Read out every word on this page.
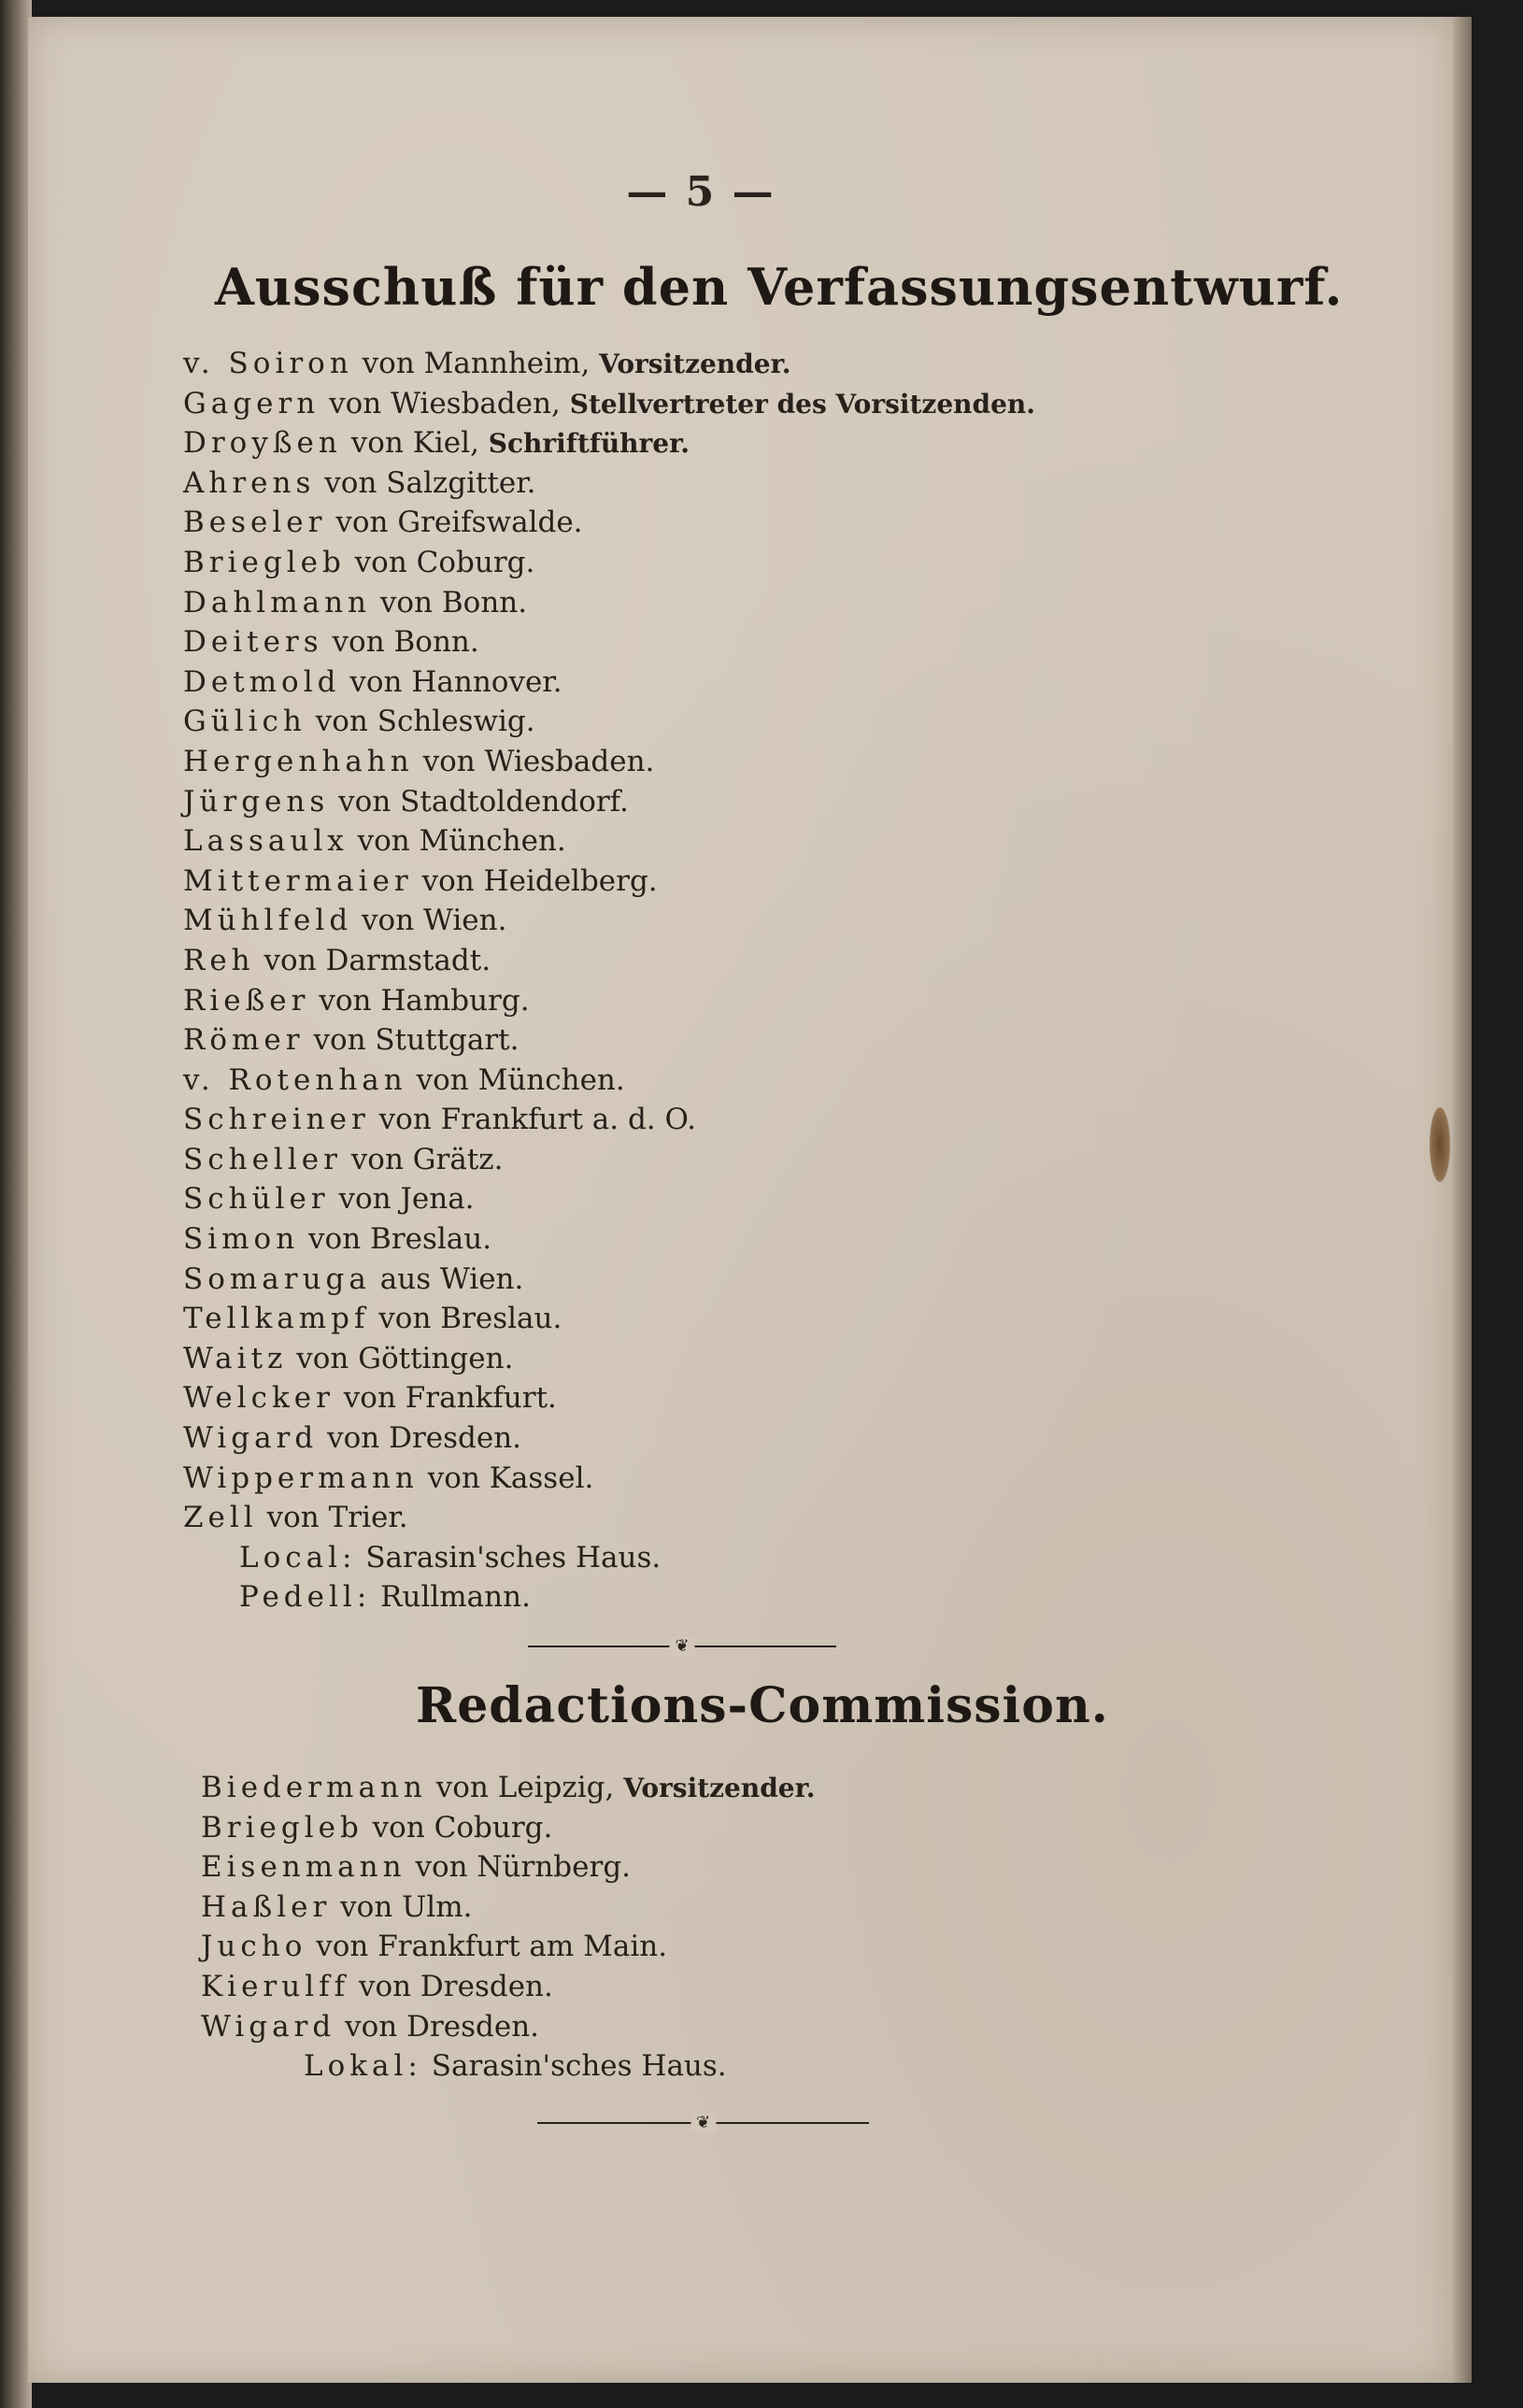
— 5 —
Ausschuß für den Verfassungsentwurf.
v. Soiron von Mannheim, Vorsitzender.
Gagern von Wiesbaden, Stellvertreter des Vorsitzenden.
Droyßen von Kiel, Schriftführer.
Ahrens von Salzgitter.
Beseler von Greifswalde.
Briegleb von Coburg.
Dahlmann von Bonn.
Deiters von Bonn.
Detmold von Hannover.
Gülich von Schleswig.
Hergenhahn von Wiesbaden.
Jürgens von Stadtoldendorf.
Lassaulx von München.
Mittermaier von Heidelberg.
Mühlfeld von Wien.
Reh von Darmstadt.
Rießer von Hamburg.
Römer von Stuttgart.
v. Rotenhan von München.
Schreiner von Frankfurt a. d. O.
Scheller von Grätz.
Schüler von Jena.
Simon von Breslau.
Somaruga aus Wien.
Tellkampf von Breslau.
Waitz von Göttingen.
Welcker von Frankfurt.
Wigard von Dresden.
Wippermann von Kassel.
Zell von Trier.
Local: Sarasin'sches Haus.
Pedell: Rullmann.
❦
Redactions-Commission.
Biedermann von Leipzig, Vorsitzender.
Briegleb von Coburg.
Eisenmann von Nürnberg.
Haßler von Ulm.
Jucho von Frankfurt am Main.
Kierulff von Dresden.
Wigard von Dresden.
Lokal: Sarasin'sches Haus.
❦
